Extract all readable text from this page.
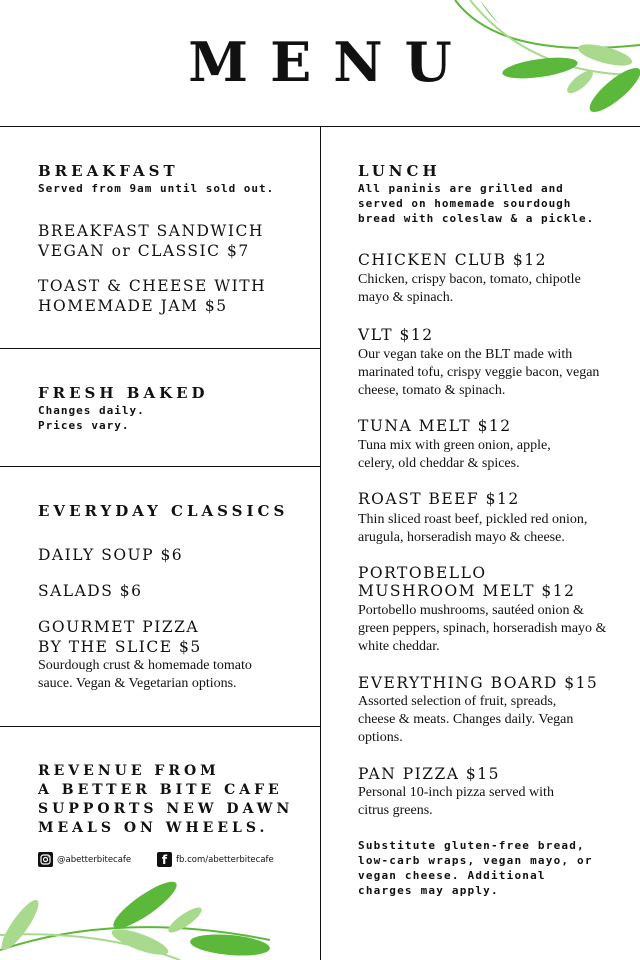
MENU
BREAKFAST
Served from 9am until sold out.
BREAKFAST SANDWICH
VEGAN or CLASSIC $7
TOAST & CHEESE WITH
HOMEMADE JAM $5
FRESH BAKED
Changes daily.
Prices vary.
EVERYDAY CLASSICS
DAILY SOUP $6
SALADS $6
GOURMET PIZZA
BY THE SLICE $5
Sourdough crust & homemade tomato sauce. Vegan & Vegetarian options.
REVENUE FROM
A BETTER BITE CAFE
SUPPORTS NEW DAWN
MEALS ON WHEELS.
@abetterbitecafe	f	fb.com/abetterbitecafe
LUNCH
All paninis are grilled and served on homemade sourdough bread with coleslaw & a pickle.
CHICKEN CLUB $12
Chicken, crispy bacon, tomato, chipotle mayo & spinach.
VLT $12
Our vegan take on the BLT made with marinated tofu, crispy veggie bacon, vegan cheese, tomato & spinach.
TUNA MELT $12
Tuna mix with green onion, apple, celery, old cheddar & spices.
ROAST BEEF $12
Thin sliced roast beef, pickled red onion, arugula, horseradish mayo & cheese.
PORTOBELLO
MUSHROOM MELT $12
Portobello mushrooms, sautéed onion & green peppers, spinach, horseradish mayo & white cheddar.
EVERYTHING BOARD $15
Assorted selection of fruit, spreads, cheese & meats. Changes daily. Vegan options.
PAN PIZZA $15
Personal 10-inch pizza served with citrus greens.
Substitute gluten-free bread, low-carb wraps, vegan mayo, or vegan cheese. Additional charges may apply.
